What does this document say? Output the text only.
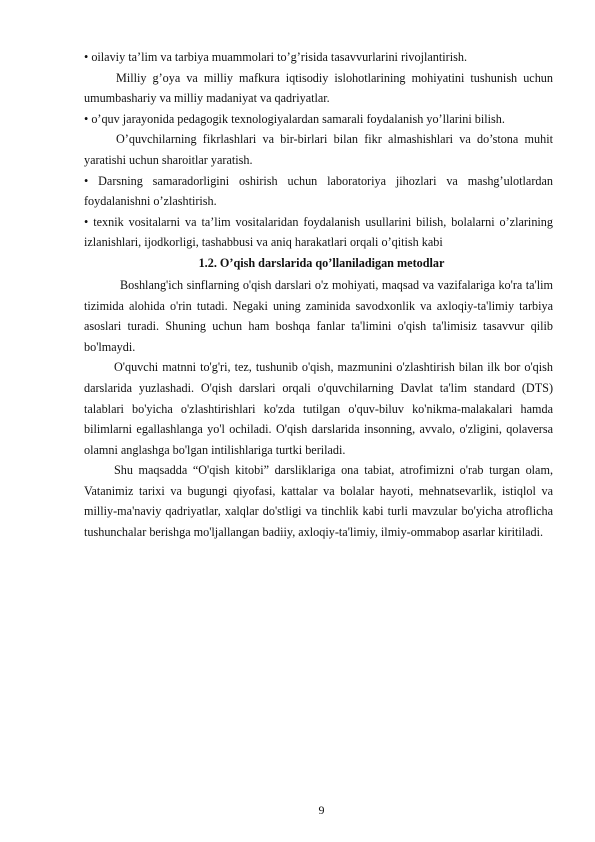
• oilaviy ta’lim va tarbiya muammolari to’g’risida tasavvurlarini rivojlantirish.

Milliy g’oya va milliy mafkura iqtisodiy islohotlarining mohiyatini tushunish uchun umumbashariy va milliy madaniyat va qadriyatlar.

• o’quv jarayonida pedagogik texnologiyalardan samarali foydalanish yo’llarini bilish.

O’quvchilarning fikrlashlari va bir-birlari bilan fikr almashishlari va do’stona muhit yaratishi uchun sharoitlar yaratish.

• Darsning samaradorligini oshirish uchun laboratoriya jihozlari va mashg’ulotlardan foydalanishni o’zlashtirish.

• texnik vositalarni va ta’lim vositalaridan foydalanish usullarini bilish, bolalarni o’zlarining izlanishlari, ijodkorligi, tashabbusi va aniq harakatlari orqali o’qitish kabi

1.2. O’qish darslarida qo’llaniladigan metodlar

Boshlang'ich sinflarning o'qish darslari o'z mohiyati, maqsad va vazifalariga ko'ra ta'lim tizimida alohida o'rin tutadi. Negaki uning zaminida savodxonlik va axloqiy-ta'limiy tarbiya asoslari turadi. Shuning uchun ham boshqa fanlar ta'limini o'qish ta'limisiz tasavvur qilib bo'lmaydi.

O'quvchi matnni to'g'ri, tez, tushunib o'qish, mazmunini o'zlashtirish bilan ilk bor o'qish darslarida yuzlashadi. O'qish darslari orqali o'quvchilarning Davlat ta'lim standard (DTS) talablari bo'yicha o'zlashtirishlari ko'zda tutilgan o'quv-biluv ko'nikma-malakalari hamda bilimlarni egallashlanga yo'l ochiladi. O'qish darslarida insonning, avvalo, o'zligini, qolaversa olamni anglashga bo'lgan intilishlariga turtki beriladi.

Shu maqsadda “O'qish kitobi” darsliklariga ona tabiat, atrofimizni o'rab turgan olam, Vatanimiz tarixi va bugungi qiyofasi, kattalar va bolalar hayoti, mehnatsevarlik, istiqlol va milliy-ma'naviy qadriyatlar, xalqlar do'stligi va tinchlik kabi turli mavzular bo'yicha atroflicha tushunchalar berishga mo'ljallangan badiiy, axloqiy-ta'limiy, ilmiy-ommabop asarlar kiritiladi.

9
